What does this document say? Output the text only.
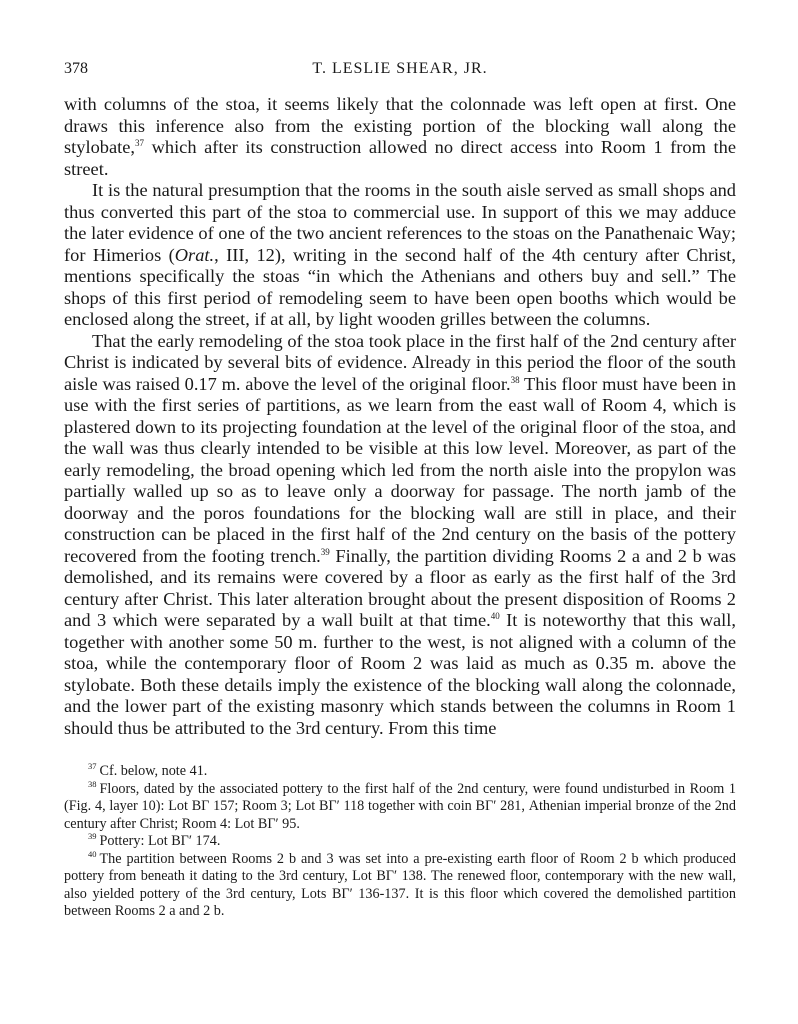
378	T. LESLIE SHEAR, JR.

with columns of the stoa, it seems likely that the colonnade was left open at first. One draws this inference also from the existing portion of the blocking wall along the stylobate,$^{37}$ which after its construction allowed no direct access into Room 1 from the street.

It is the natural presumption that the rooms in the south aisle served as small shops and thus converted this part of the stoa to commercial use. In support of this we may adduce the later evidence of one of the two ancient references to the stoas on the Panathenaic Way; for Himerios (Orat., III, 12), writing in the second half of the 4th century after Christ, mentions specifically the stoas “in which the Athenians and others buy and sell.” The shops of this first period of remodeling seem to have been open booths which would be enclosed along the street, if at all, by light wooden grilles between the columns.

That the early remodeling of the stoa took place in the first half of the 2nd century after Christ is indicated by several bits of evidence. Already in this period the floor of the south aisle was raised 0.17 m. above the level of the original floor.$^{38}$ This floor must have been in use with the first series of partitions, as we learn from the east wall of Room 4, which is plastered down to its projecting foundation at the level of the original floor of the stoa, and the wall was thus clearly intended to be visible at this low level. Moreover, as part of the early remodeling, the broad opening which led from the north aisle into the propylon was partially walled up so as to leave only a doorway for passage. The north jamb of the doorway and the poros foundations for the blocking wall are still in place, and their construction can be placed in the first half of the 2nd century on the basis of the pottery recovered from the footing trench.$^{39}$ Finally, the partition dividing Rooms 2 a and 2 b was demolished, and its remains were covered by a floor as early as the first half of the 3rd century after Christ. This later alteration brought about the present disposition of Rooms 2 and 3 which were separated by a wall built at that time.$^{40}$ It is noteworthy that this wall, together with another some 50 m. further to the west, is not aligned with a column of the stoa, while the contemporary floor of Room 2 was laid as much as 0.35 m. above the stylobate. Both these details imply the existence of the blocking wall along the colonnade, and the lower part of the existing masonry which stands between the columns in Room 1 should thus be attributed to the 3rd century. From this time

$^{37}$ Cf. below, note 41.

$^{38}$ Floors, dated by the associated pottery to the first half of the 2nd century, were found undisturbed in Room 1 (Fig. 4, layer 10): Lot BΓ 157; Room 3; Lot BΓ′ 118 together with coin BΓ′ 281, Athenian imperial bronze of the 2nd century after Christ; Room 4: Lot BΓ′ 95.

$^{39}$ Pottery: Lot BΓ′ 174.

$^{40}$ The partition between Rooms 2 b and 3 was set into a pre-existing earth floor of Room 2 b which produced pottery from beneath it dating to the 3rd century, Lot BΓ′ 138. The renewed floor, contemporary with the new wall, also yielded pottery of the 3rd century, Lots BΓ′ 136-137. It is this floor which covered the demolished partition between Rooms 2 a and 2 b.
